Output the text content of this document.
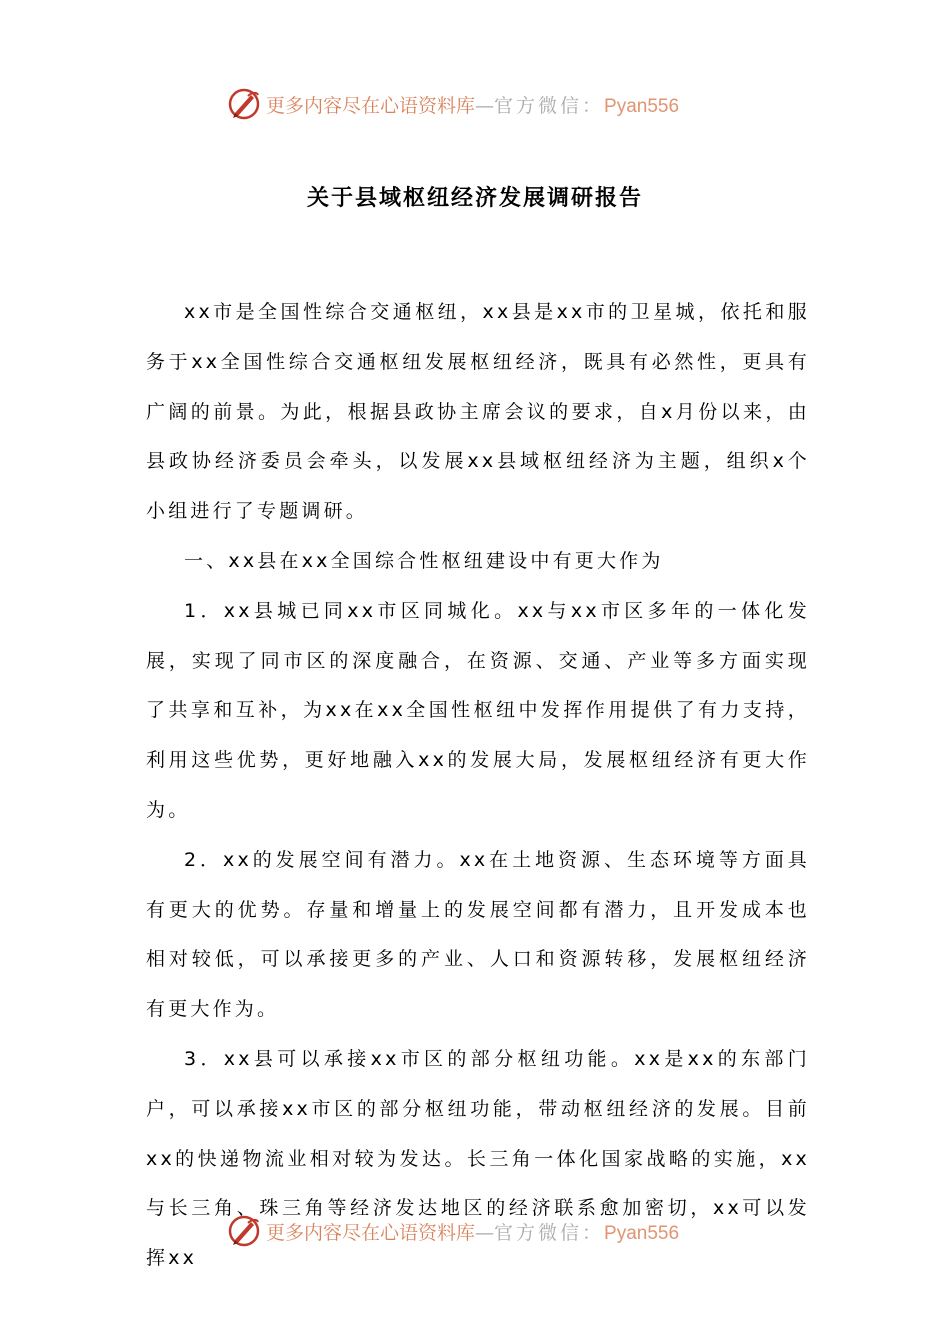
更多内容尽在心语资料库—官方微信：Pyan556
关于县域枢纽经济发展调研报告

xx市是全国性综合交通枢纽，xx县是xx市的卫星城，依托和服务于xx全国性综合交通枢纽发展枢纽经济，既具有必然性，更具有广阔的前景。为此，根据县政协主席会议的要求，自x月份以来，由县政协经济委员会牵头，以发展xx县域枢纽经济为主题，组织x个小组进行了专题调研。

一、xx县在xx全国综合性枢纽建设中有更大作为

1．xx县城已同xx市区同城化。xx与xx市区多年的一体化发展，实现了同市区的深度融合，在资源、交通、产业等多方面实现了共享和互补，为xx在xx全国性枢纽中发挥作用提供了有力支持，利用这些优势，更好地融入xx的发展大局，发展枢纽经济有更大作为。

2．xx的发展空间有潜力。xx在土地资源、生态环境等方面具有更大的优势。存量和增量上的发展空间都有潜力，且开发成本也相对较低，可以承接更多的产业、人口和资源转移，发展枢纽经济有更大作为。

3．xx县可以承接xx市区的部分枢纽功能。xx是xx的东部门户，可以承接xx市区的部分枢纽功能，带动枢纽经济的发展。目前xx的快递物流业相对较为发达。长三角一体化国家战略的实施，xx与长三角、珠三角等经济发达地区的经济联系愈加密切，xx可以发挥xx

更多内容尽在心语资料库—官方微信：Pyan556
